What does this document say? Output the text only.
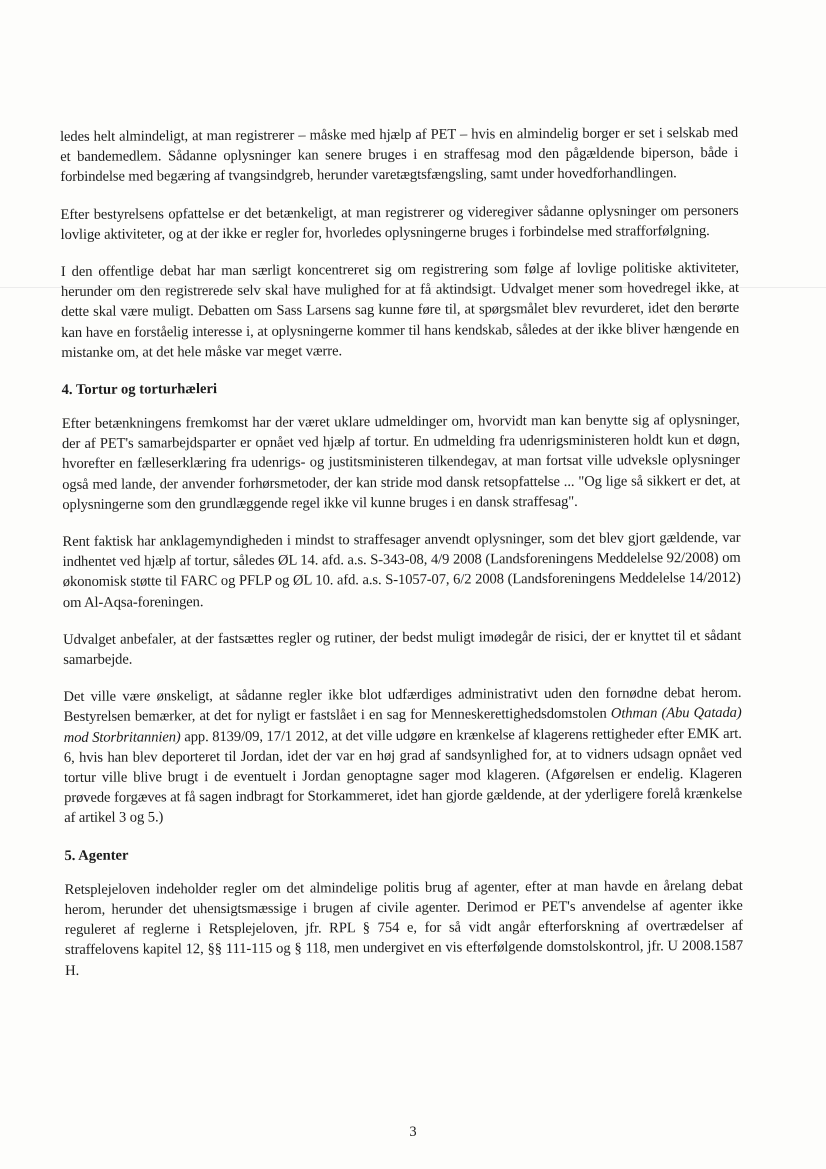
ledes helt almindeligt, at man registrerer – måske med hjælp af PET – hvis en almindelig borger er set i selskab med et bandemedlem. Sådanne oplysninger kan senere bruges i en straffesag mod den pågældende biperson, både i forbindelse med begæring af tvangsindgreb, herunder varetægtsfængsling, samt under hovedforhandlingen.

Efter bestyrelsens opfattelse er det betænkeligt, at man registrerer og videregiver sådanne oplysninger om personers lovlige aktiviteter, og at der ikke er regler for, hvorledes oplysningerne bruges i forbindelse med strafforfølgning.

I den offentlige debat har man særligt koncentreret sig om registrering som følge af lovlige politiske aktiviteter, herunder om den registrerede selv skal have mulighed for at få aktindsigt. Udvalget mener som hovedregel ikke, at dette skal være muligt. Debatten om Sass Larsens sag kunne føre til, at spørgsmålet blev revurderet, idet den berørte kan have en forståelig interesse i, at oplysningerne kommer til hans kendskab, således at der ikke bliver hængende en mistanke om, at det hele måske var meget værre.

4. Tortur og torturhæleri

Efter betænkningens fremkomst har der været uklare udmeldinger om, hvorvidt man kan benytte sig af oplysninger, der af PET's samarbejdsparter er opnået ved hjælp af tortur. En udmelding fra udenrigsministeren holdt kun et døgn, hvorefter en fælleserklæring fra udenrigs- og justitsministeren tilkendegav, at man fortsat ville udveksle oplysninger også med lande, der anvender forhørsmetoder, der kan stride mod dansk retsopfattelse ... "Og lige så sikkert er det, at oplysningerne som den grundlæggende regel ikke vil kunne bruges i en dansk straffesag".

Rent faktisk har anklagemyndigheden i mindst to straffesager anvendt oplysninger, som det blev gjort gældende, var indhentet ved hjælp af tortur, således ØL 14. afd. a.s. S-343-08, 4/9 2008 (Landsforeningens Meddelelse 92/2008) om økonomisk støtte til FARC og PFLP og ØL 10. afd. a.s. S-1057-07, 6/2 2008 (Landsforeningens Meddelelse 14/2012) om Al-Aqsa-foreningen.

Udvalget anbefaler, at der fastsættes regler og rutiner, der bedst muligt imødegår de risici, der er knyttet til et sådant samarbejde.

Det ville være ønskeligt, at sådanne regler ikke blot udfærdiges administrativt uden den fornødne debat herom. Bestyrelsen bemærker, at det for nyligt er fastslået i en sag for Menneskerettighedsdomstolen Othman (Abu Qatada) mod Storbritannien) app. 8139/09, 17/1 2012, at det ville udgøre en krænkelse af klagerens rettigheder efter EMK art. 6, hvis han blev deporteret til Jordan, idet der var en høj grad af sandsynlighed for, at to vidners udsagn opnået ved tortur ville blive brugt i de eventuelt i Jordan genoptagne sager mod klageren. (Afgørelsen er endelig. Klageren prøvede forgæves at få sagen indbragt for Storkammeret, idet han gjorde gældende, at der yderligere forelå krænkelse af artikel 3 og 5.)

5. Agenter

Retsplejeloven indeholder regler om det almindelige politis brug af agenter, efter at man havde en årelang debat herom, herunder det uhensigtsmæssige i brugen af civile agenter. Derimod er PET's anvendelse af agenter ikke reguleret af reglerne i Retsplejeloven, jfr. RPL § 754 e, for så vidt angår efterforskning af overtrædelser af straffelovens kapitel 12, §§ 111-115 og § 118, men undergivet en vis efterfølgende domstolskontrol, jfr. U 2008.1587 H.

3
